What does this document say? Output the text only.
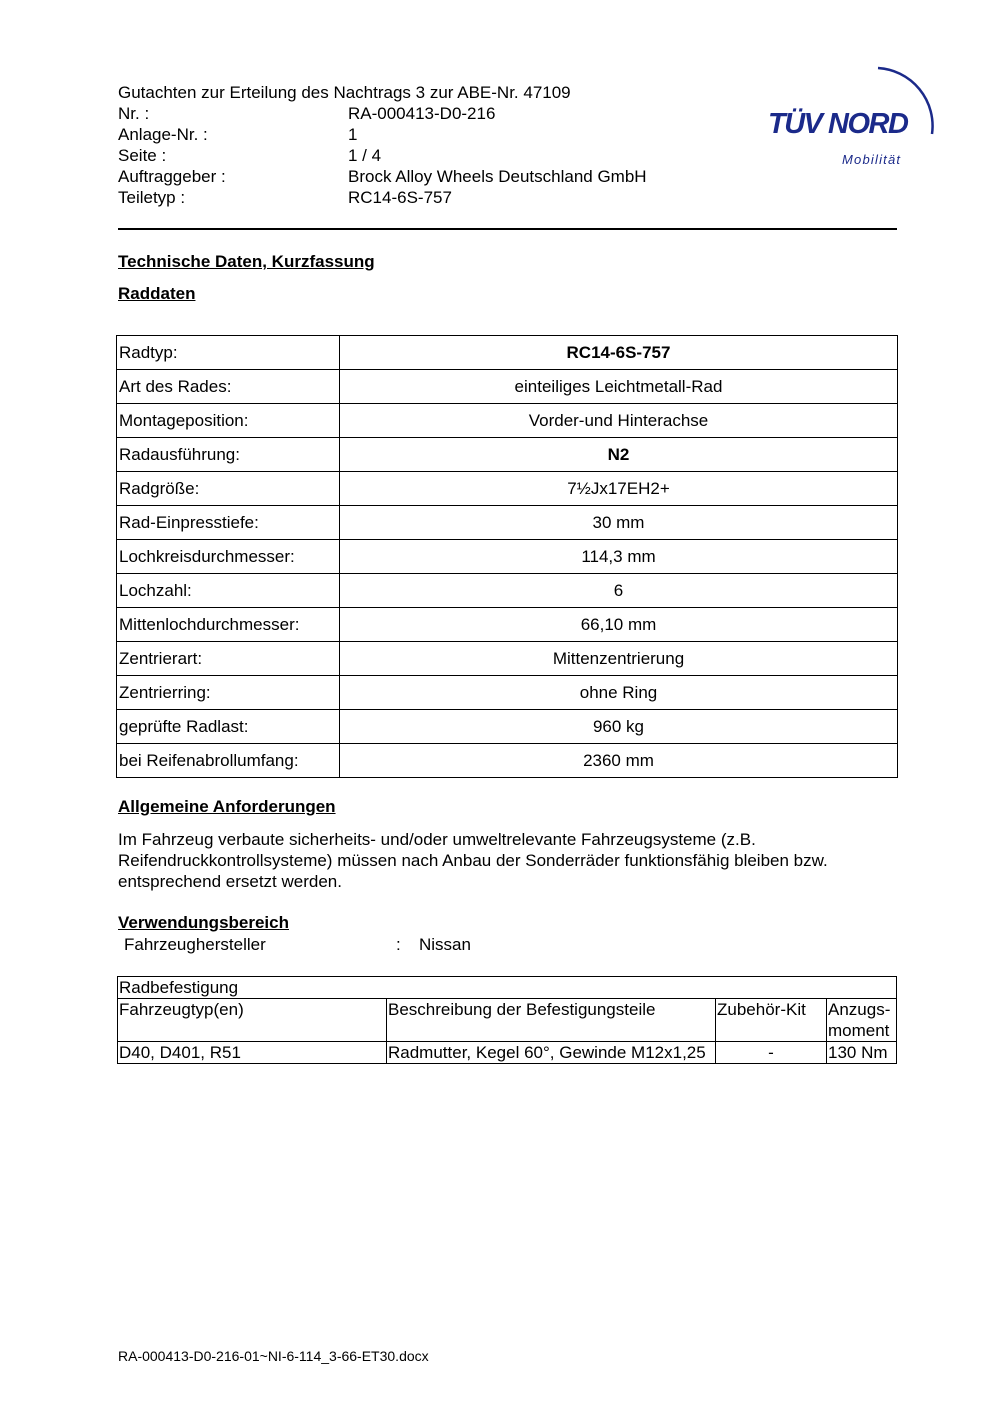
Gutachten zur Erteilung des Nachtrags 3 zur ABE-Nr. 47109
Nr. :	RA-000413-D0-216
Anlage-Nr. :	1
Seite :	1 / 4
Auftraggeber :	Brock Alloy Wheels Deutschland GmbH
Teiletyp :	RC14-6S-757
TÜV NORD
Mobilität
Technische Daten, Kurzfassung
Raddaten
Radtyp:	RC14-6S-757
Art des Rades:	einteiliges Leichtmetall-Rad
Montageposition:	Vorder-und Hinterachse
Radausführung:	N2
Radgröße:	7½Jx17EH2+
Rad-Einpresstiefe:	30 mm
Lochkreisdurchmesser:	114,3 mm
Lochzahl:	6
Mittenlochdurchmesser:	66,10 mm
Zentrierart:	Mittenzentrierung
Zentrierring:	ohne Ring
geprüfte Radlast:	960 kg
bei Reifenabrollumfang:	2360 mm
Allgemeine Anforderungen
Im Fahrzeug verbaute sicherheits- und/oder umweltrelevante Fahrzeugsysteme (z.B. Reifendruckkontrollsysteme) müssen nach Anbau der Sonderräder funktionsfähig bleiben bzw. entsprechend ersetzt werden.
Verwendungsbereich
Fahrzeughersteller	:	Nissan
Radbefestigung			
Fahrzeugtyp(en)	Beschreibung der Befestigungsteile	Zubehör-Kit	Anzugs-moment
D40, D401, R51	Radmutter, Kegel 60°, Gewinde M12x1,25	-	130 Nm
RA-000413-D0-216-01~NI-6-114_3-66-ET30.docx
